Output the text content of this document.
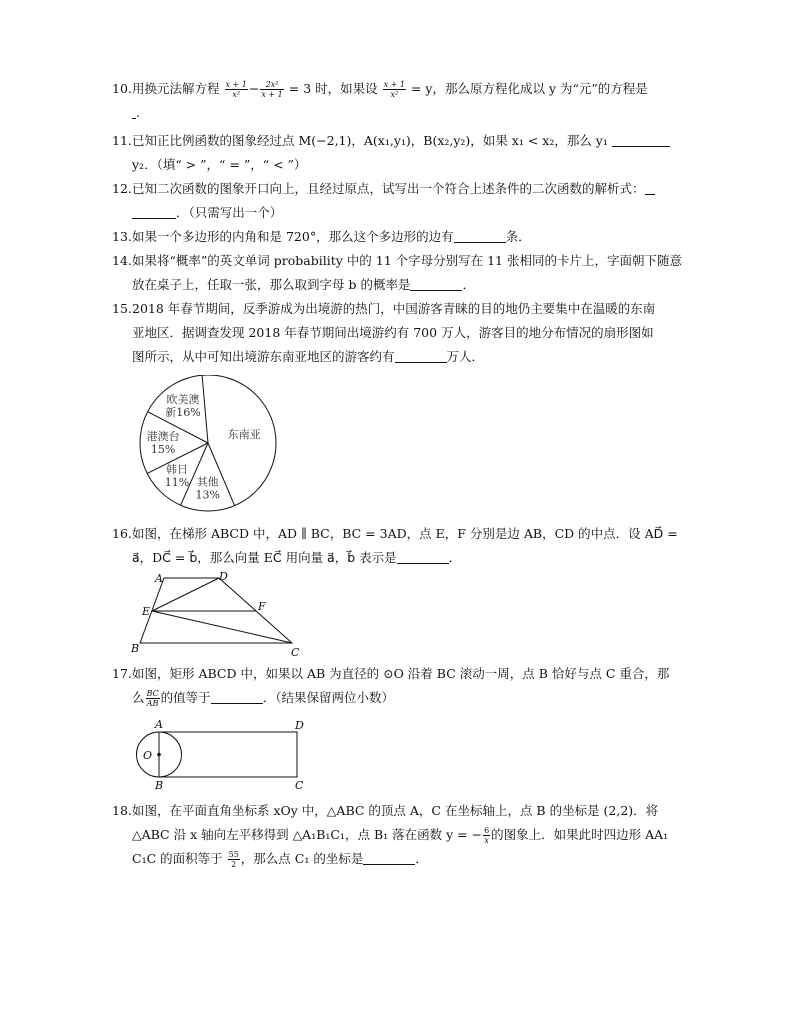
10.用换元法解方程 $\frac{x + 1}{\text{x²}} - \frac{\text{2x²}}{x + 1} = 3$ 时，如果设 $\frac{x + 1}{\text{x²}} = y$，那么原方程化成以 y 为“元”的方程是
.
11.已知正比例函数的图象经过点 M(−2,1)，A(x₁,y₁)，B(x₂,y₂)，如果 x₁ < x₂，那么 y₁
y₂．（填“ > ”，“ = ”，“ < ”）
12.已知二次函数的图象开口向上，且经过原点，试写出一个符合上述条件的二次函数的解析式：
．（只需写出一个）
13.如果一个多边形的内角和是 720°，那么这个多边形的边有	条．
14.如果将“概率”的英文单词 probability 中的 11 个字母分别写在 11 张相同的卡片上，字面朝下随意
放在桌子上，任取一张，那么取到字母 b 的概率是	．
15.2018 年春节期间，反季游成为出境游的热门，中国游客青睐的目的地仍主要集中在温暖的东南
亚地区．据调查发现 2018 年春节期间出境游约有 700 万人，游客目的地分布情况的扇形图如
图所示，从中可知出境游东南亚地区的游客约有	万人．
东南亚
其他 13%
韩日 11%
港澳台 15%
欧美澳新16%
16.如图，在梯形 ABCD 中，AD ∥ BC，BC = 3AD，点 E，F 分别是边 AB，CD 的中点．设 AD⃗ =
a⃗，DC⃗ = b⃗，那么向量 EC⃗ 用向量 a⃗，b⃗ 表示是	．
A	D
E	F
B	C
17.如图，矩形 ABCD 中，如果以 AB 为直径的 ⊙O 沿着 BC 滚动一周，点 B 恰好与点 C 重合，那
么 $\frac{BC}{AB}$ 的值等于	．（结果保留两位小数）
A	D
O
B	C
18.如图，在平面直角坐标系 xOy 中，△ABC 的顶点 A，C 在坐标轴上，点 B 的坐标是 (2,2)．将
△ABC 沿 x 轴向左平移得到 △A₁B₁C₁，点 B₁ 落在函数 y = − $\frac{6}{x}$ 的图象上．如果此时四边形 AA₁
C₁C 的面积等于 $\frac{55}{2}$ ，那么点 C₁ 的坐标是	．
